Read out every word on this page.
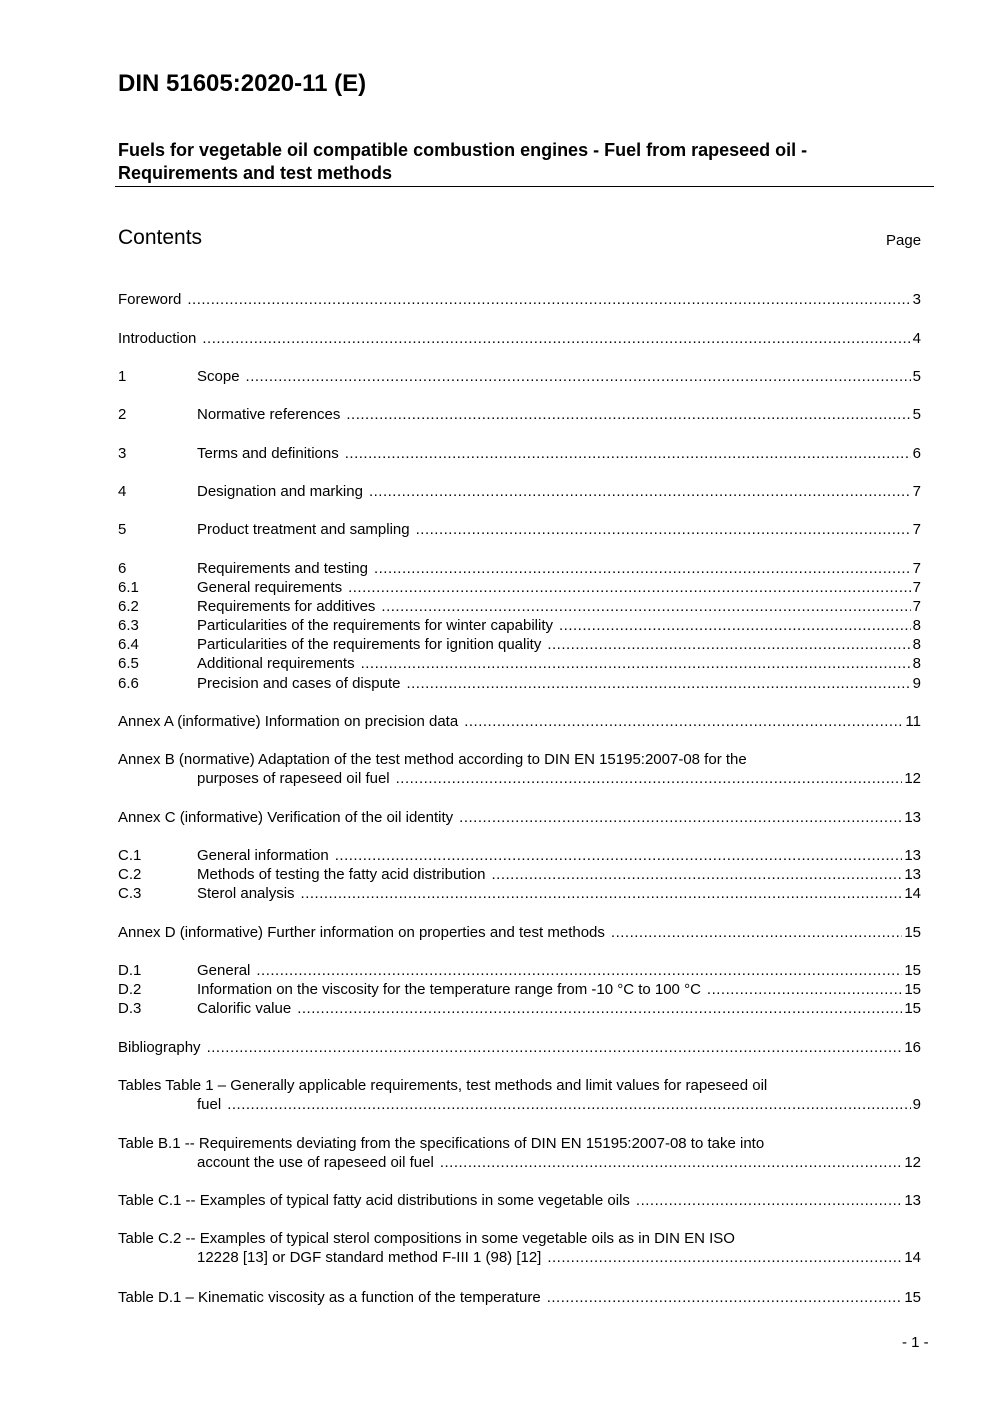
DIN 51605:2020-11 (E)
Fuels for vegetable oil compatible combustion engines - Fuel from rapeseed oil -
Requirements and test methods
Contents	Page
Foreword .....	3
Introduction .....	4
1	Scope .....	5
2	Normative references .....	5
3	Terms and definitions .....	6
4	Designation and marking .....	7
5	Product treatment and sampling .....	7
6	Requirements and testing .....	7
6.1	General requirements .....	7
6.2	Requirements for additives .....	7
6.3	Particularities of the requirements for winter capability .....	8
6.4	Particularities of the requirements for ignition quality .....	8
6.5	Additional requirements .....	8
6.6	Precision and cases of dispute .....	9
Annex A (informative) Information on precision data .....	11
Annex B (normative) Adaptation of the test method according to DIN EN 15195:2007-08 for the
purposes of rapeseed oil fuel .....	12
Annex C (informative) Verification of the oil identity .....	13
C.1	General information .....	13
C.2	Methods of testing the fatty acid distribution .....	13
C.3	Sterol analysis .....	14
Annex D (informative) Further information on properties and test methods .....	15
D.1	General .....	15
D.2	Information on the viscosity for the temperature range from -10 °C to 100 °C .....	15
D.3	Calorific value .....	15
Bibliography .....	16
Tables Table 1 – Generally applicable requirements, test methods and limit values for rapeseed oil
fuel .....	9
Table B.1 -- Requirements deviating from the specifications of DIN EN 15195:2007-08 to take into
account the use of rapeseed oil fuel .....	12
Table C.1 -- Examples of typical fatty acid distributions in some vegetable oils .....	13
Table C.2 -- Examples of typical sterol compositions in some vegetable oils as in DIN EN ISO
12228 [13] or DGF standard method F-III 1 (98) [12] .....	14
Table D.1 – Kinematic viscosity as a function of the temperature .....	15
- 1 -
